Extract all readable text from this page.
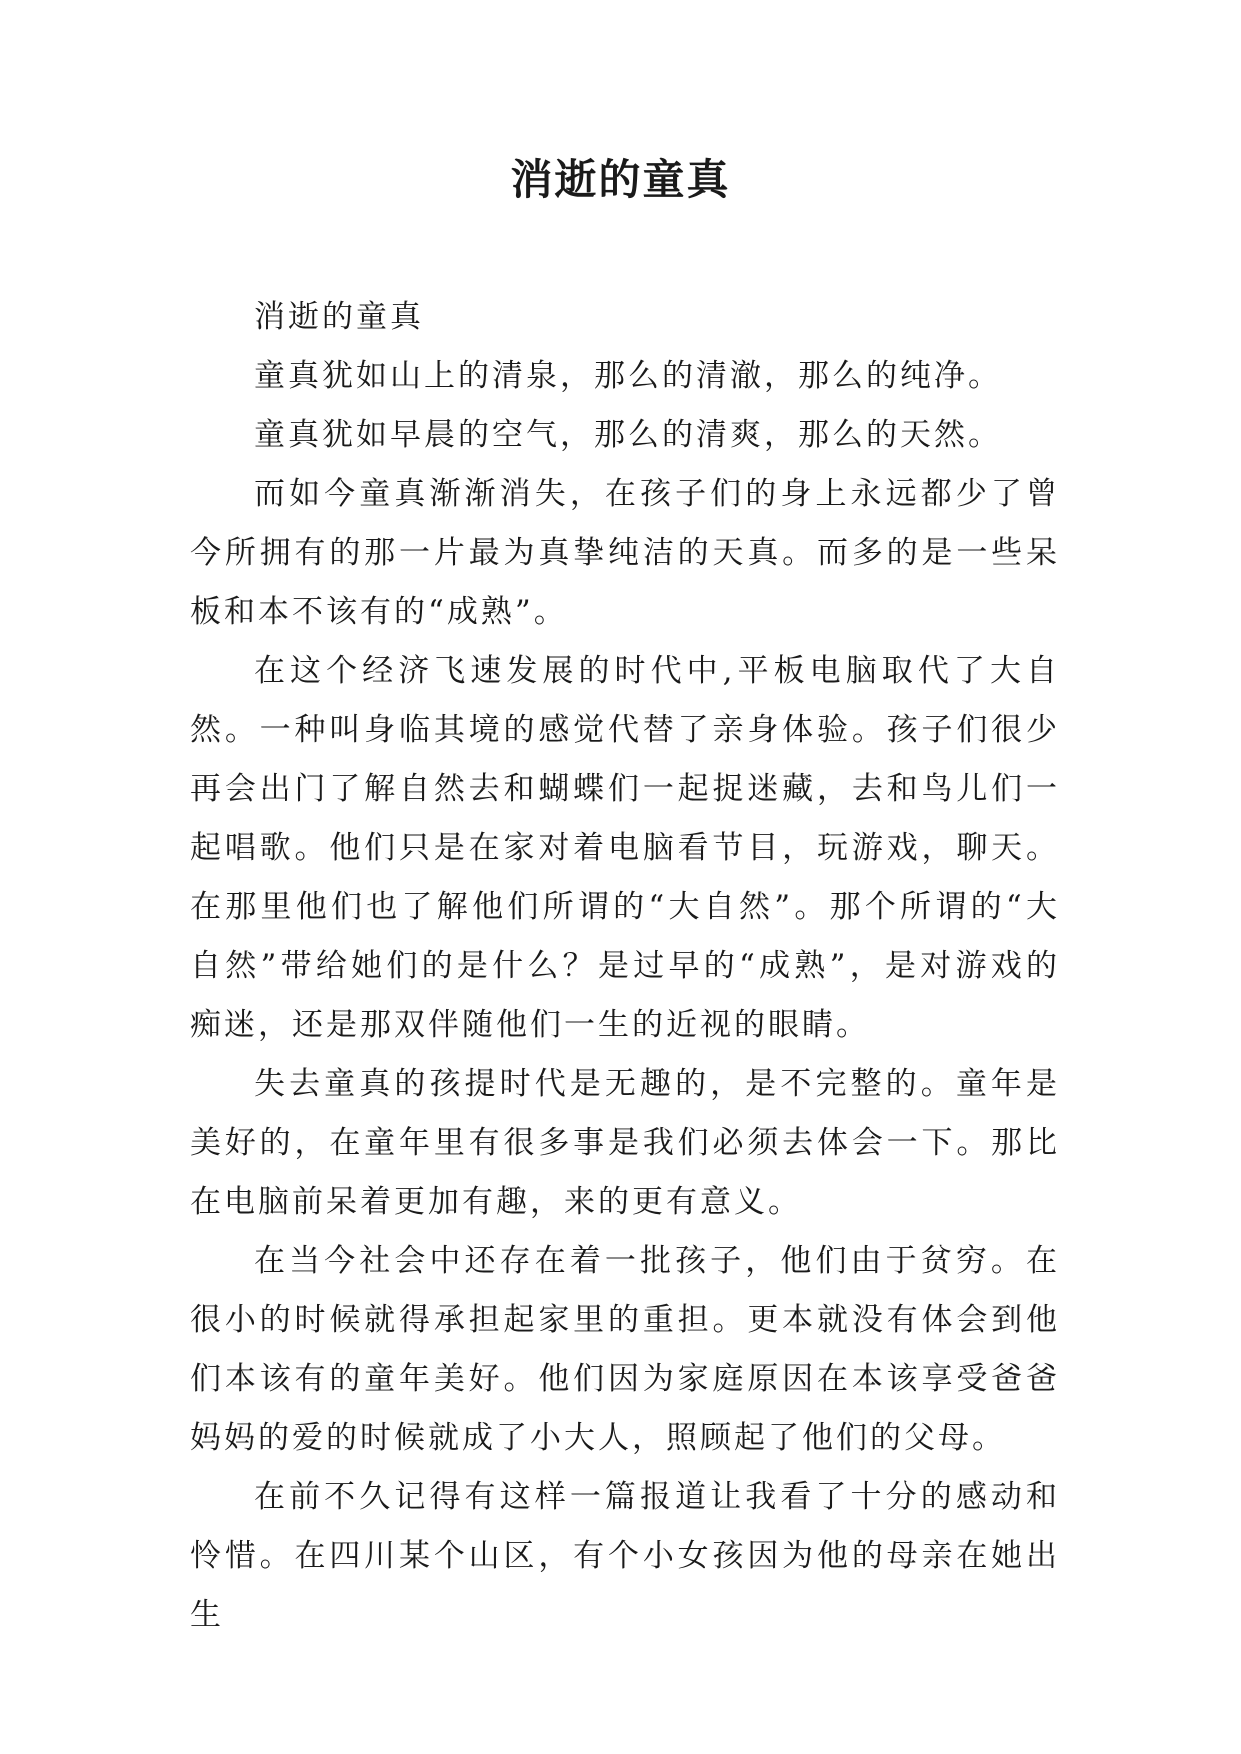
消逝的童真

消逝的童真

童真犹如山上的清泉，那么的清澈，那么的纯净。

童真犹如早晨的空气，那么的清爽，那么的天然。

而如今童真渐渐消失，在孩子们的身上永远都少了曾今所拥有的那一片最为真挚纯洁的天真。而多的是一些呆板和本不该有的“成熟”。

在这个经济飞速发展的时代中,平板电脑取代了大自然。一种叫身临其境的感觉代替了亲身体验。孩子们很少再会出门了解自然去和蝴蝶们一起捉迷藏，去和鸟儿们一起唱歌。他们只是在家对着电脑看节目，玩游戏，聊天。在那里他们也了解他们所谓的“大自然”。那个所谓的“大自然”带给她们的是什么？是过早的“成熟”，是对游戏的痴迷，还是那双伴随他们一生的近视的眼睛。

失去童真的孩提时代是无趣的，是不完整的。童年是美好的，在童年里有很多事是我们必须去体会一下。那比在电脑前呆着更加有趣，来的更有意义。

在当今社会中还存在着一批孩子，他们由于贫穷。在很小的时候就得承担起家里的重担。更本就没有体会到他们本该有的童年美好。他们因为家庭原因在本该享受爸爸妈妈的爱的时候就成了小大人，照顾起了他们的父母。

在前不久记得有这样一篇报道让我看了十分的感动和怜惜。在四川某个山区，有个小女孩因为他的母亲在她出生
